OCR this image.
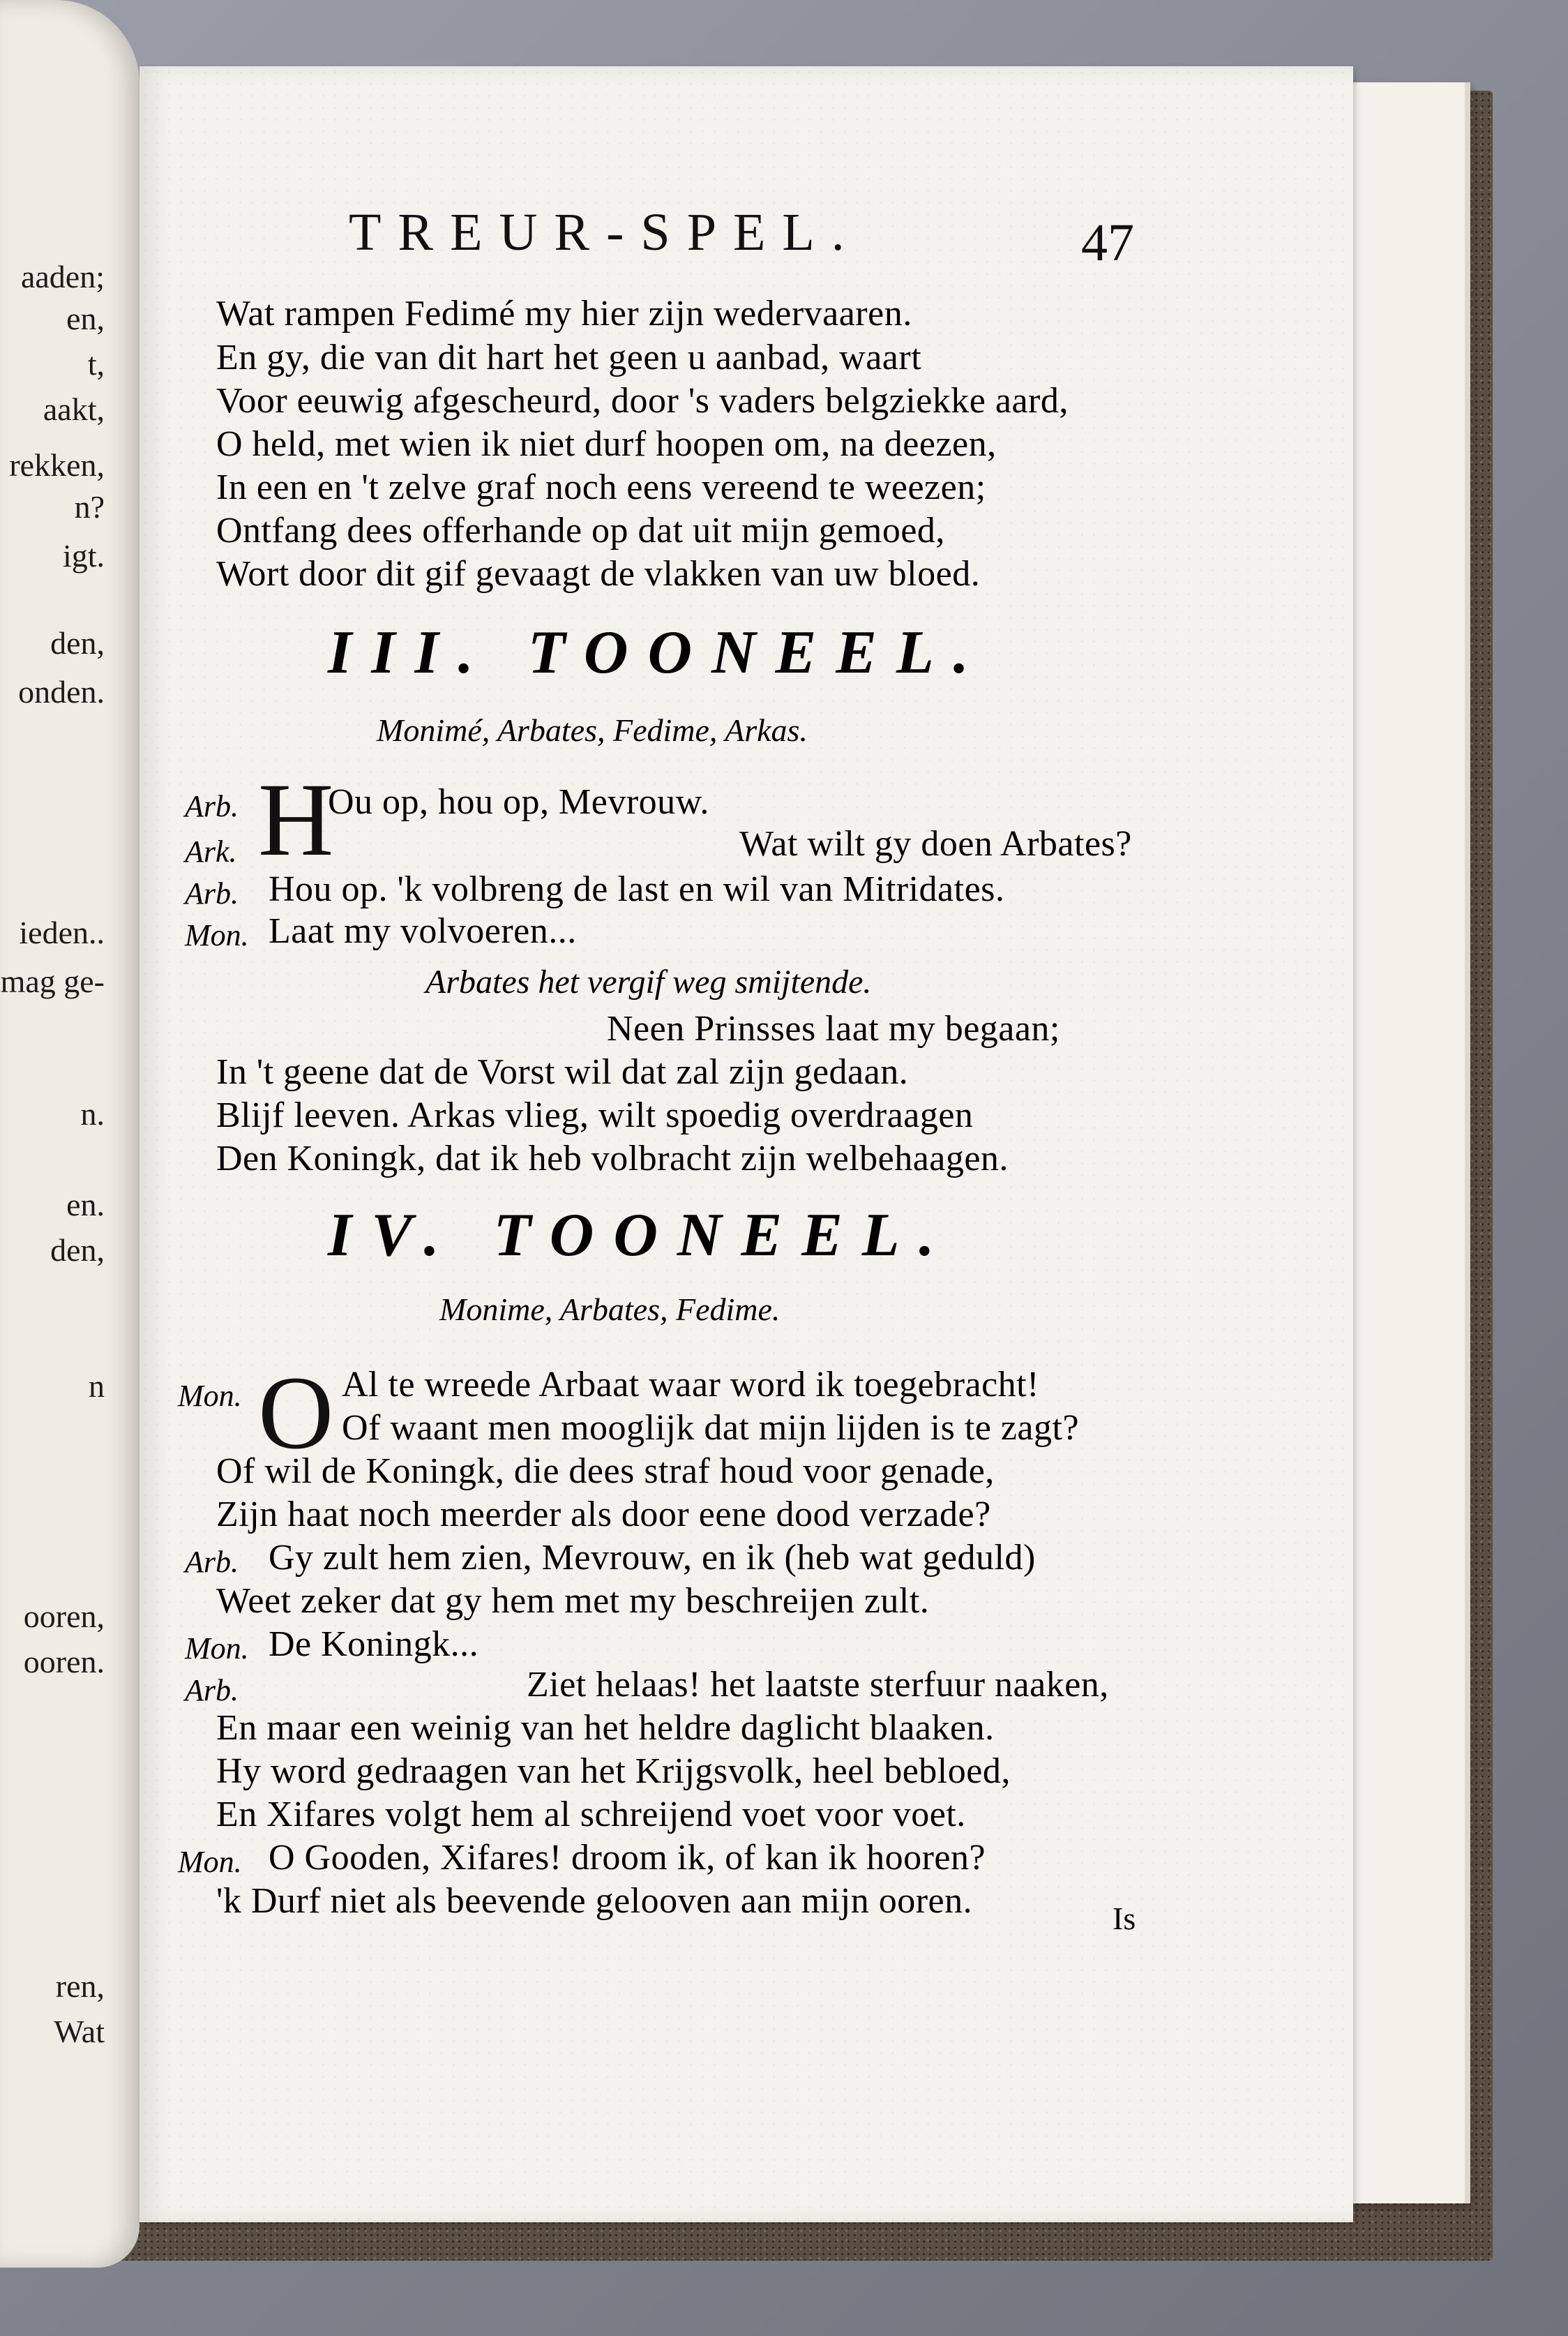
aaden;
en,
t,
aakt,
rekken,
n?
igt.
den,
onden.
ieden..
mag ge-
n.
en.
den,
n
ooren,
ooren.
ren,
Wat
TREUR-SPEL.	47
Wat rampen Fedimé my hier zijn wedervaaren.
En gy, die van dit hart het geen u aanbad, waart
Voor eeuwig afgescheurd, door 's vaders belgziekke aard,
O held, met wien ik niet durf hoopen om, na deezen,
In een en 't zelve graf noch eens vereend te weezen;
Ontfang dees offerhande op dat uit mijn gemoed,
Wort door dit gif gevaagt de vlakken van uw bloed.
III. TOONEEL.
Monimé, Arbates, Fedime, Arkas.
Arb. H
Ou op, hou op, Mevrouw.
Ark.	Wat wilt gy doen Arbates?
Arb. Hou op. 'k volbreng de last en wil van Mitridates.
Mon. Laat my volvoeren...
Arbates het vergif weg smijtende.
Neen Prinsses laat my begaan;
In 't geene dat de Vorst wil dat zal zijn gedaan.
Blijf leeven. Arkas vlieg, wilt spoedig overdraagen
Den Koningk, dat ik heb volbracht zijn welbehaagen.
IV. TOONEEL.
Monime, Arbates, Fedime.
Mon. O Al te wreede Arbaat waar word ik toegebracht!
Of waant men mooglijk dat mijn lijden is te zagt?
Of wil de Koningk, die dees straf houd voor genade,
Zijn haat noch meerder als door eene dood verzade?
Arb. Gy zult hem zien, Mevrouw, en ik (heb wat geduld)
Weet zeker dat gy hem met my beschreijen zult.
Mon. De Koningk...
Arb.	Ziet helaas! het laatste sterfuur naaken,
En maar een weinig van het heldre daglicht blaaken.
Hy word gedraagen van het Krijgsvolk, heel bebloed,
En Xifares volgt hem al schreijend voet voor voet.
Mon. O Gooden, Xifares! droom ik, of kan ik hooren?
'k Durf niet als beevende gelooven aan mijn ooren.	Is
